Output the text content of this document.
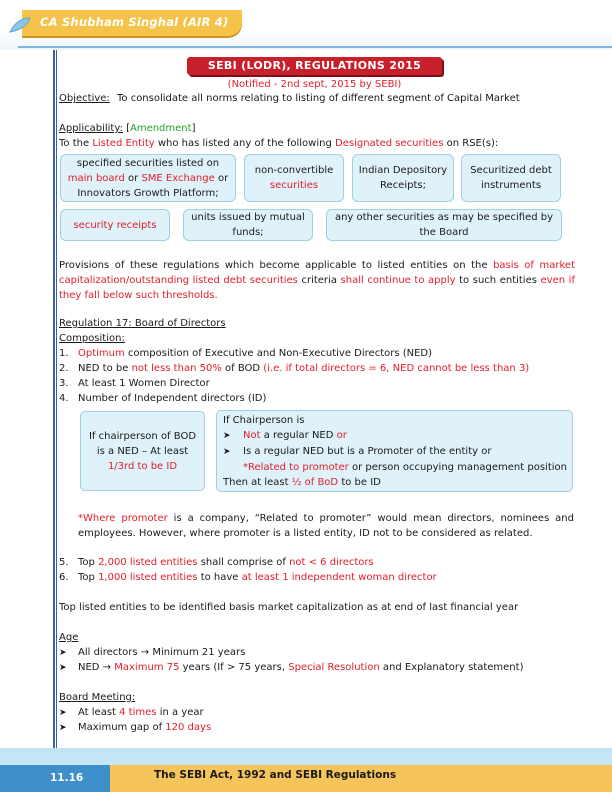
CA Shubham Singhal (AIR 4)
SEBI (LODR), REGULATIONS 2015
(Notified - 2nd sept, 2015 by SEBI)
Objective: To consolidate all norms relating to listing of different segment of Capital Market
Applicability: [Amendment]
To the Listed Entity who has listed any of the following Designated securities on RSE(s):
specified securities listed on
main board or SME Exchange or
Innovators Growth Platform;
non-convertible
securities
Indian Depository
Receipts;
Securitized debt
instruments
security receipts
units issued by mutual
funds;
any other securities as may be specified by
the Board
Provisions of these regulations which become applicable to listed entities on the basis of market capitalization/outstanding listed debt securities criteria shall continue to apply to such entities even if they fall below such thresholds.
Regulation 17: Board of Directors
Composition:
1. Optimum composition of Executive and Non-Executive Directors (NED)
2. NED to be not less than 50% of BOD (i.e. if total directors = 6, NED cannot be less than 3)
3. At least 1 Women Director
4. Number of Independent directors (ID)
If chairperson of BOD
is a NED – At least
1/3rd to be ID
If Chairperson is
➤ Not a regular NED or
➤ Is a regular NED but is a Promoter of the entity or
*Related to promoter or person occupying management position
Then at least ½ of BoD to be ID
*Where promoter is a company, “Related to promoter” would mean directors, nominees and employees. However, where promoter is a listed entity, ID not to be considered as related.
5. Top 2,000 listed entities shall comprise of not < 6 directors
6. Top 1,000 listed entities to have at least 1 independent woman director
Top listed entities to be identified basis market capitalization as at end of last financial year
Age
➤ All directors → Minimum 21 years
➤ NED → Maximum 75 years (If > 75 years, Special Resolution and Explanatory statement)
Board Meeting:
➤ At least 4 times in a year
➤ Maximum gap of 120 days
11.16	The SEBI Act, 1992 and SEBI Regulations
